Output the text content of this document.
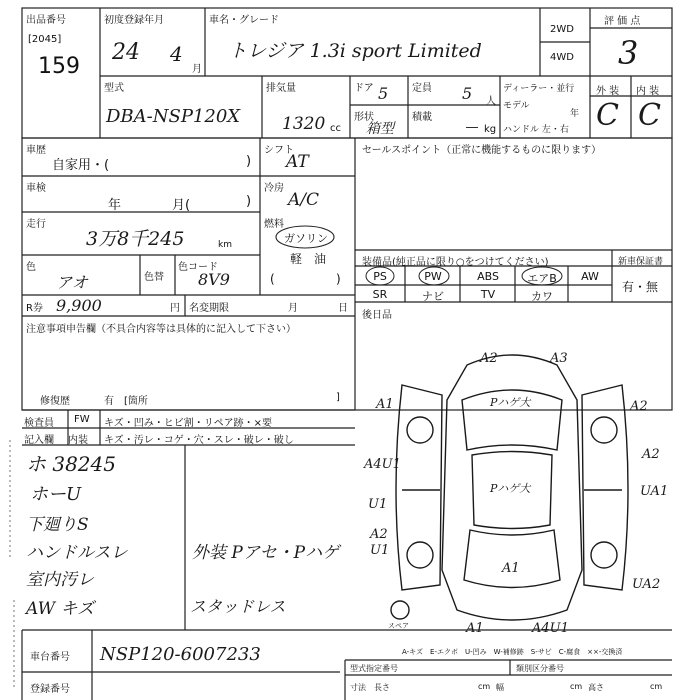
出品番号
[2045]
159
初度登録年月
24 4
月
車名・グレード
トレジア 1.3i sport Limited
2WD
4WD
評 価 点
3
型式
DBA-NSP120X
排気量
1320 cc
ドア 5 定員 5 人
形状
箱型
積載
― kg
ディーラー・並行
モデル
年
ハンドル 左・右
外 装 内 装
C C
車歴
自家用・(	)
シフト
AT
車検
年	月(	)
冷房
A/C
走行
3万8千245	km
燃料
ガソリン
軽　油
(	)
色
アオ	色替
色コード
8V9
R券 9,900	円 名変期限	月	日
注意事項申告欄（不具合内容等は具体的に記入して下さい）
修復歴	有 [箇所	]
セールスポイント（正常に機能するものに限ります）
装備品(純正品に限り○をつけてください)	新車保証書
有・無
PS	PW	ABS	エアB	AW
SR	ナビ	TV	カワ
後日品
検査員
記入欄
FW
内装
キズ・凹み・ヒビ割・リペア跡・×要
キズ・汚レ・コゲ・穴・スレ・破レ・破し
ホ 38245
ホーU
下廻りS
ハンドルスレ
室内汚レ
AW キズ
外装 Pアセ・Pハゲ
スタッドレス
A2	A3
A1	Pハゲ大	A2
A4U1
A2
U1
Pハゲ大	UA1
A2
U1
UA2
A1
A1	A4U1
スペア
A-キズ　E-エクボ　U-凹み　W-補修跡　S-サビ　C-腐食　××-交換済
車台番号 NSP120-6007233
登録番号
型式指定番号	類別区分番号
寸法 長さ	cm 幅	cm 高さ	cm
